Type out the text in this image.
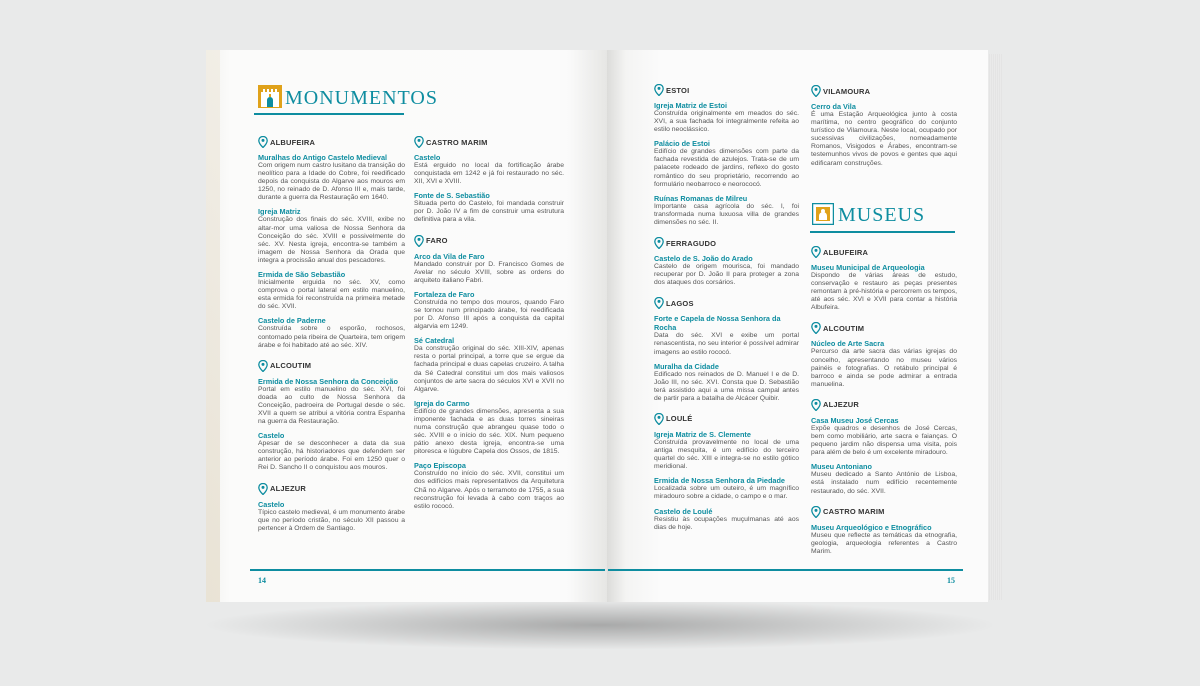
MONUMENTOS
ALBUFEIRA
Muralhas do Antigo Castelo Medieval
Com origem num castro lusitano da transição do neolítico para a Idade do Cobre, foi reedificado depois da conquista do Algarve aos mouros em 1250, no reinado de D. Afonso III e, mais tarde, durante a guerra da Restauração em 1640.
Igreja Matriz
Construção dos finais do séc. XVIII, exibe no altar-mor uma valiosa de Nossa Senhora da Conceição do séc. XVIII e possivelmente do séc. XV. Nesta igreja, encontra-se também a imagem de Nossa Senhora da Orada que integra a procissão anual dos pescadores.
Ermida de São Sebastião
Inicialmente erguida no séc. XV, como comprova o portal lateral em estilo manuelino, esta ermida foi reconstruída na primeira metade do séc. XVII.
Castelo de Paderne
Construída sobre o esporão, rochosos, contornado pela ribeira de Quarteira, tem origem árabe e foi habitado até ao séc. XIV.
ALCOUTIM
Ermida de Nossa Senhora da Conceição
Portal em estilo manuelino do séc. XVI, foi doada ao culto de Nossa Senhora da Conceição, padroeira de Portugal desde o séc. XVII a quem se atribui a vitória contra Espanha na guerra da Restauração.
Castelo
Apesar de se desconhecer a data da sua construção, há historiadores que defendem ser anterior ao período árabe. Foi em 1250 quer o Rei D. Sancho II o conquistou aos mouros.
ALJEZUR
Castelo
Típico castelo medieval, é um monumento árabe que no período cristão, no século XII passou a pertencer à Ordem de Santiago.
CASTRO MARIM
Castelo
Está erguido no local da fortificação árabe conquistada em 1242 e já foi restaurado no séc. XII, XVI e XVIII.
Fonte de S. Sebastião
Situada perto do Castelo, foi mandada construir por D. João IV a fim de construir uma estrutura definitiva para a vila.
FARO
Arco da Vila de Faro
Mandado construir por D. Francisco Gomes de Avelar no século XVIII, sobre as ordens do arquiteto italiano Fabri.
Fortaleza de Faro
Construída no tempo dos mouros, quando Faro se tornou num principado árabe, foi reedificada por D. Afonso III após a conquista da capital algarvia em 1249.
Sé Catedral
Da construção original do séc. XIII-XIV, apenas resta o portal principal, a torre que se ergue da fachada principal e duas capelas cruzeiro. A talha da Sé Catedral constitui um dos mais valiosos conjuntos de arte sacra do séculos XVI e XVII no Algarve.
Igreja do Carmo
Edifício de grandes dimensões, apresenta a sua imponente fachada e as duas torres sineiras numa construção que abrangeu quase todo o séc. XVIII e o início do séc. XIX. Num pequeno pátio anexo desta igreja, encontra-se uma pitoresca e lúgubre Capela dos Ossos, de 1815.
Paço Episcopa
Construído no início do séc. XVII, constitui um dos edifícios mais representativos da Arquitetura Chã no Algarve. Após o terramoto de 1755, a sua reconstrução foi levada à cabo com traços ao estilo rococó.
14
ESTOI
Igreja Matriz de Estoi
Construída originalmente em meados do séc. XVI, a sua fachada foi integralmente refeita ao estilo neoclássico.
Palácio de Estoi
Edifício de grandes dimensões com parte da fachada revestida de azulejos. Trata-se de um palacete rodeado de jardins, reflexo do gosto romântico do seu proprietário, recorrendo ao formulário neobarroco e neorococó.
Ruínas Romanas de Milreu
Importante casa agrícola do séc. I, foi transformada numa luxuosa villa de grandes dimensões no séc. II.
FERRAGUDO
Castelo de S. João do Arado
Castelo de origem mourisca, foi mandado recuperar por D. João II para proteger a zona dos ataques dos corsários.
LAGOS
Forte e Capela de Nossa Senhora da Rocha
Data do séc. XVI e exibe um portal renascentista, no seu interior é possível admirar imagens ao estilo rococó.
Muralha da Cidade
Edificado nos reinados de D. Manuel I e de D. João III, no séc. XVI. Consta que D. Sebastião terá assistido aqui a uma missa campal antes de partir para a batalha de Alcácer Quibir.
LOULÉ
Igreja Matriz de S. Clemente
Construída provavelmente no local de uma antiga mesquita, é um edifício do terceiro quartel do séc. XIII e integra-se no estilo gótico meridional.
Ermida de Nossa Senhora da Piedade
Localizada sobre um outeiro, é um magnífico miradouro sobre a cidade, o campo e o mar.
Castelo de Loulé
Resistiu às ocupações muçulmanas até aos dias de hoje.
VILAMOURA
Cerro da Vila
É uma Estação Arqueológica junto à costa marítima, no centro geográfico do conjunto turístico de Vilamoura. Neste local, ocupado por sucessivas civilizações, nomeadamente Romanos, Visigodos e Árabes, encontram-se testemunhos vivos de povos e gentes que aqui edificaram construções.
MUSEUS
ALBUFEIRA
Museu Municipal de Arqueologia
Dispondo de várias áreas de estudo, conservação e restauro as peças presentes remontam à pré-história e percorrem os tempos, até aos séc. XVI e XVII para contar a história Albufeira.
ALCOUTIM
Núcleo de Arte Sacra
Percurso da arte sacra das várias igrejas do concelho, apresentando no museu vários painéis e fotografias. O retábulo principal é barroco e ainda se pode admirar a entrada manuelina.
ALJEZUR
Casa Museu José Cercas
Expõe quadros e desenhos de José Cercas, bem como mobiliário, arte sacra e faianças. O pequeno jardim não dispensa uma visita, pois para além de belo é um excelente miradouro.
Museu Antoniano
Museu dedicado a Santo António de Lisboa, está instalado num edifício recentemente restaurado, do séc. XVII.
CASTRO MARIM
Museu Arqueológico e Etnográfico
Museu que reflecte as temáticas da etnografia, geologia, arqueologia referentes a Castro Marim.
15
